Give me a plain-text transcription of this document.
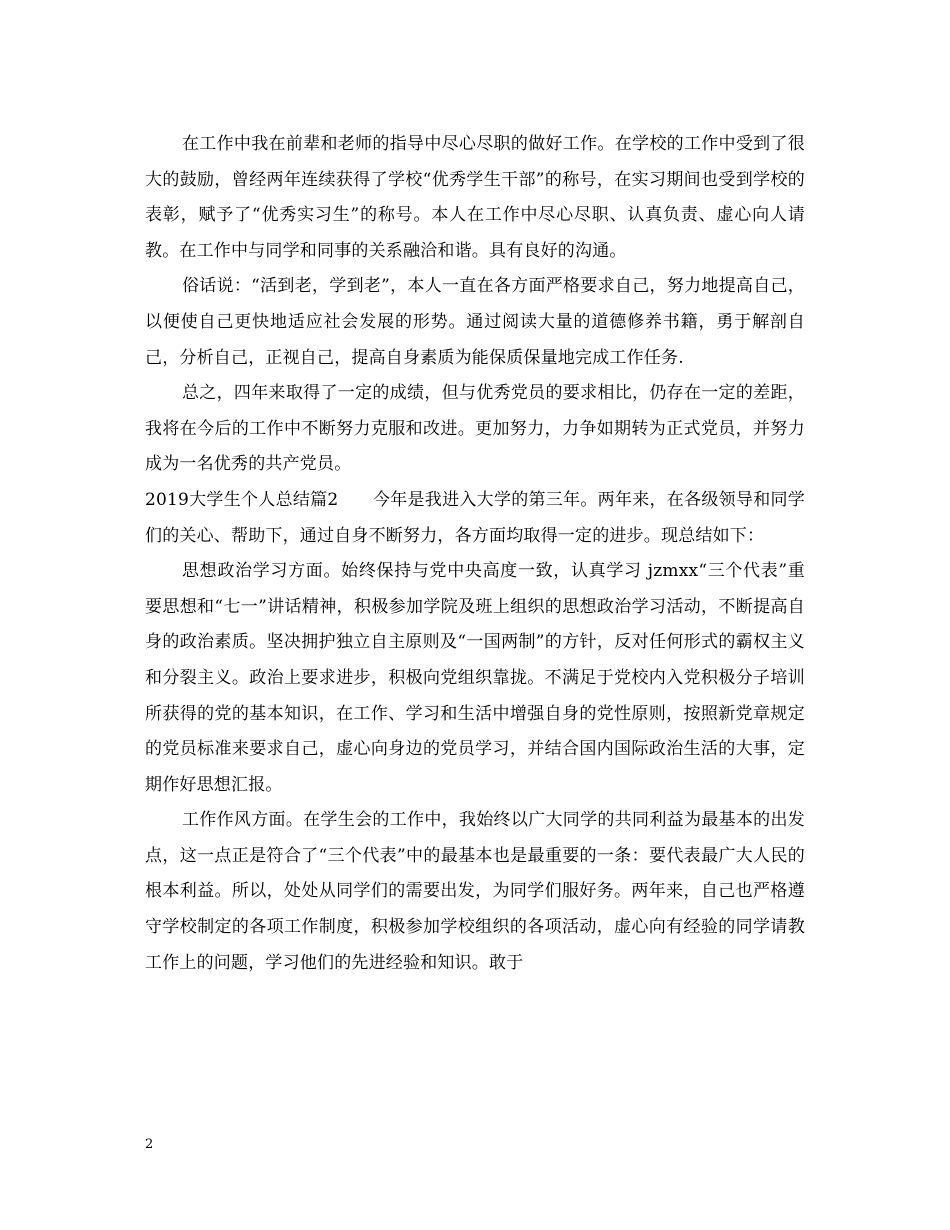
在工作中我在前辈和老师的指导中尽心尽职的做好工作。在学校的工作中受到了很大的鼓励，曾经两年连续获得了学校“优秀学生干部”的称号，在实习期间也受到学校的表彰，赋予了“优秀实习生”的称号。本人在工作中尽心尽职、认真负责、虚心向人请教。在工作中与同学和同事的关系融洽和谐。具有良好的沟通。

俗话说：“活到老，学到老”，本人一直在各方面严格要求自己，努力地提高自己，以便使自己更快地适应社会发展的形势。通过阅读大量的道德修养书籍，勇于解剖自己，分析自己，正视自己，提高自身素质为能保质保量地完成工作任务.

总之，四年来取得了一定的成绩，但与优秀党员的要求相比，仍存在一定的差距，我将在今后的工作中不断努力克服和改进。更加努力，力争如期转为正式党员，并努力成为一名优秀的共产党员。

2019大学生个人总结篇2   今年是我进入大学的第三年。两年来，在各级领导和同学们的关心、帮助下，通过自身不断努力，各方面均取得一定的进步。现总结如下：

思想政治学习方面。始终保持与党中央高度一致，认真学习 jzmxx“三个代表”重要思想和“七一”讲话精神，积极参加学院及班上组织的思想政治学习活动，不断提高自身的政治素质。坚决拥护独立自主原则及“一国两制”的方针，反对任何形式的霸权主义和分裂主义。政治上要求进步，积极向党组织靠拢。不满足于党校内入党积极分子培训所获得的党的基本知识，在工作、学习和生活中增强自身的党性原则，按照新党章规定的党员标准来要求自己，虚心向身边的党员学习，并结合国内国际政治生活的大事，定期作好思想汇报。

工作作风方面。在学生会的工作中，我始终以广大同学的共同利益为最基本的出发点，这一点正是符合了“三个代表”中的最基本也是最重要的一条：要代表最广大人民的根本利益。所以，处处从同学们的需要出发，为同学们服好务。两年来，自己也严格遵守学校制定的各项工作制度，积极参加学校组织的各项活动，虚心向有经验的同学请教工作上的问题，学习他们的先进经验和知识。敢于

2
